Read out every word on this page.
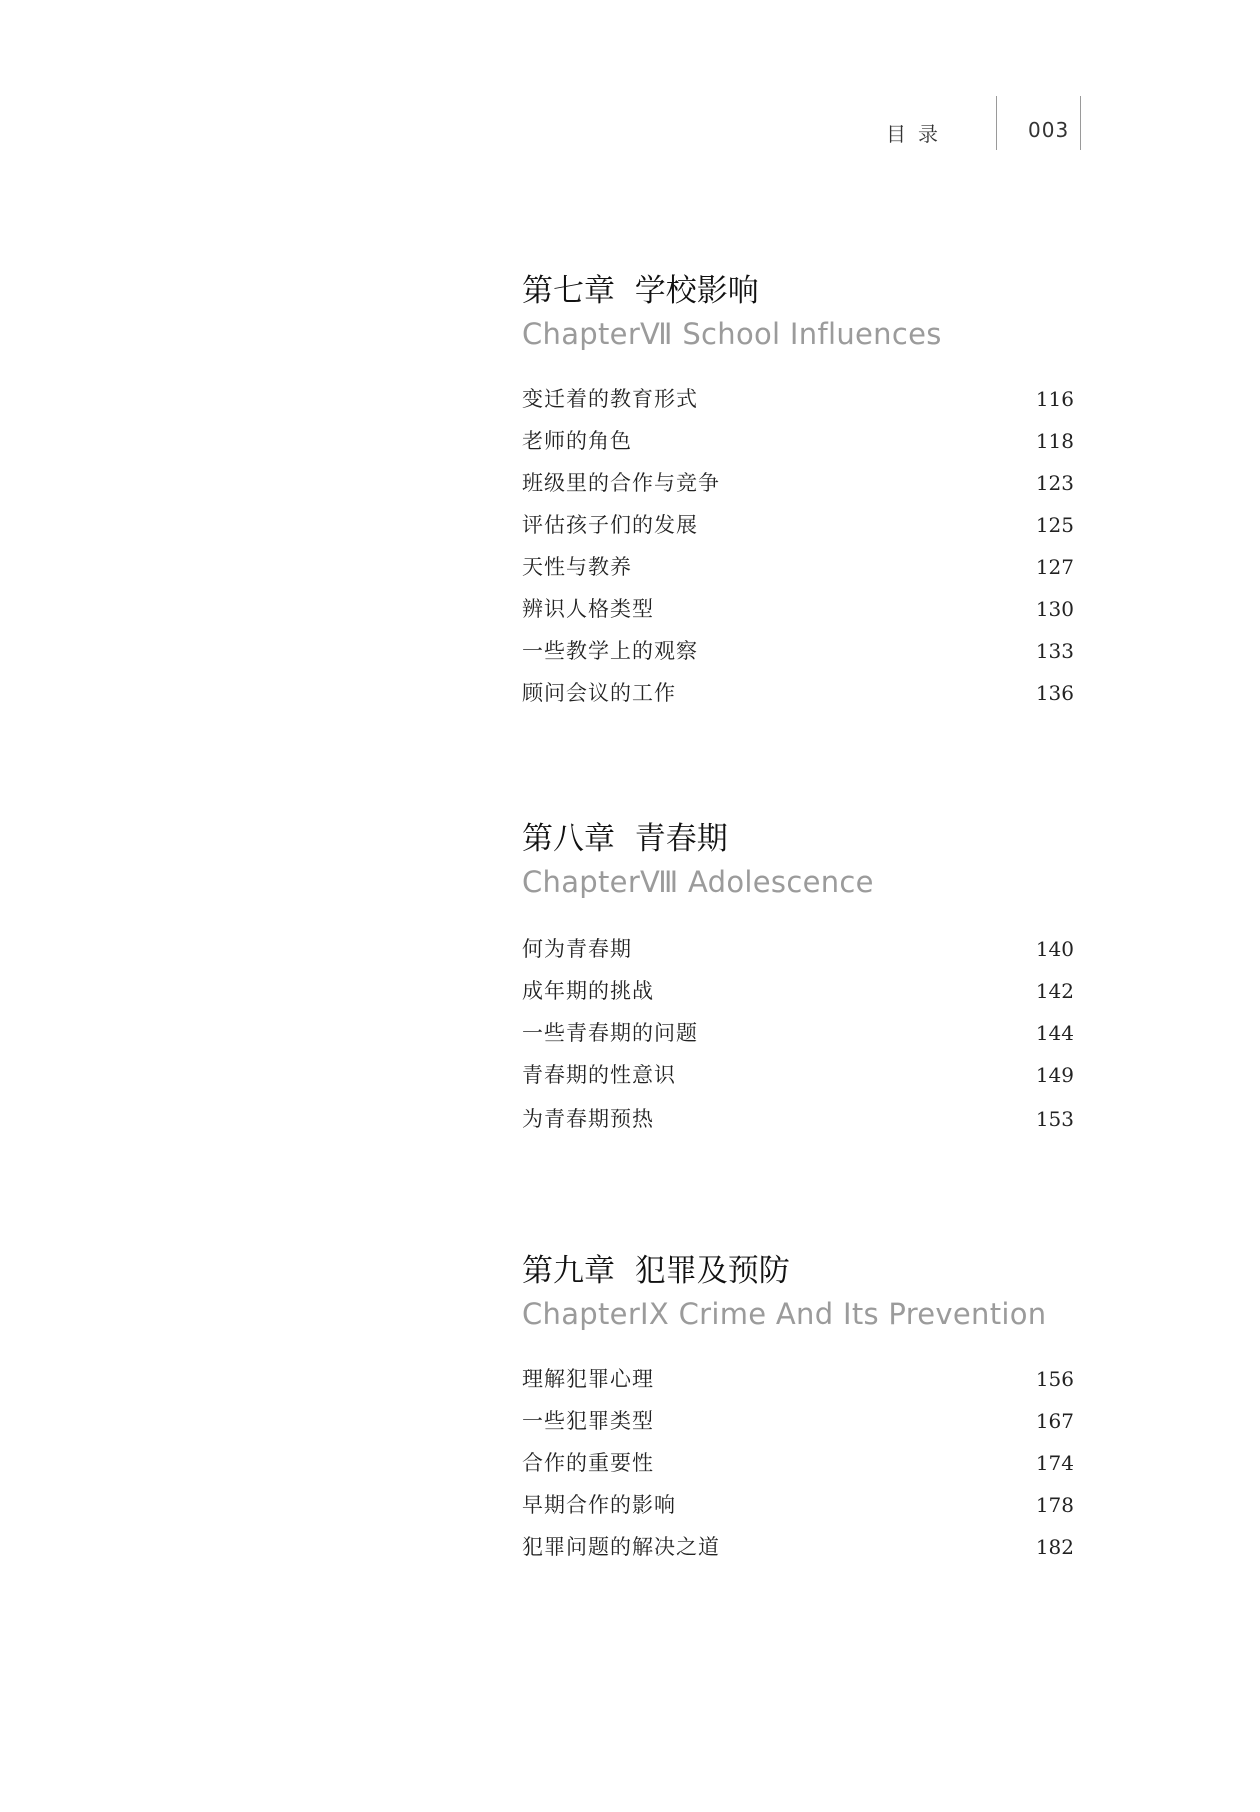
目录	003
第七章  学校影响
ChapterⅦ School Influences
变迁着的教育形式	116
老师的角色	118
班级里的合作与竞争	123
评估孩子们的发展	125
天性与教养	127
辨识人格类型	130
一些教学上的观察	133
顾问会议的工作	136
第八章  青春期
ChapterⅧ Adolescence
何为青春期	140
成年期的挑战	142
一些青春期的问题	144
青春期的性意识	149
为青春期预热	153
第九章  犯罪及预防
ChapterIX Crime And Its Prevention
理解犯罪心理	156
一些犯罪类型	167
合作的重要性	174
早期合作的影响	178
犯罪问题的解决之道	182
